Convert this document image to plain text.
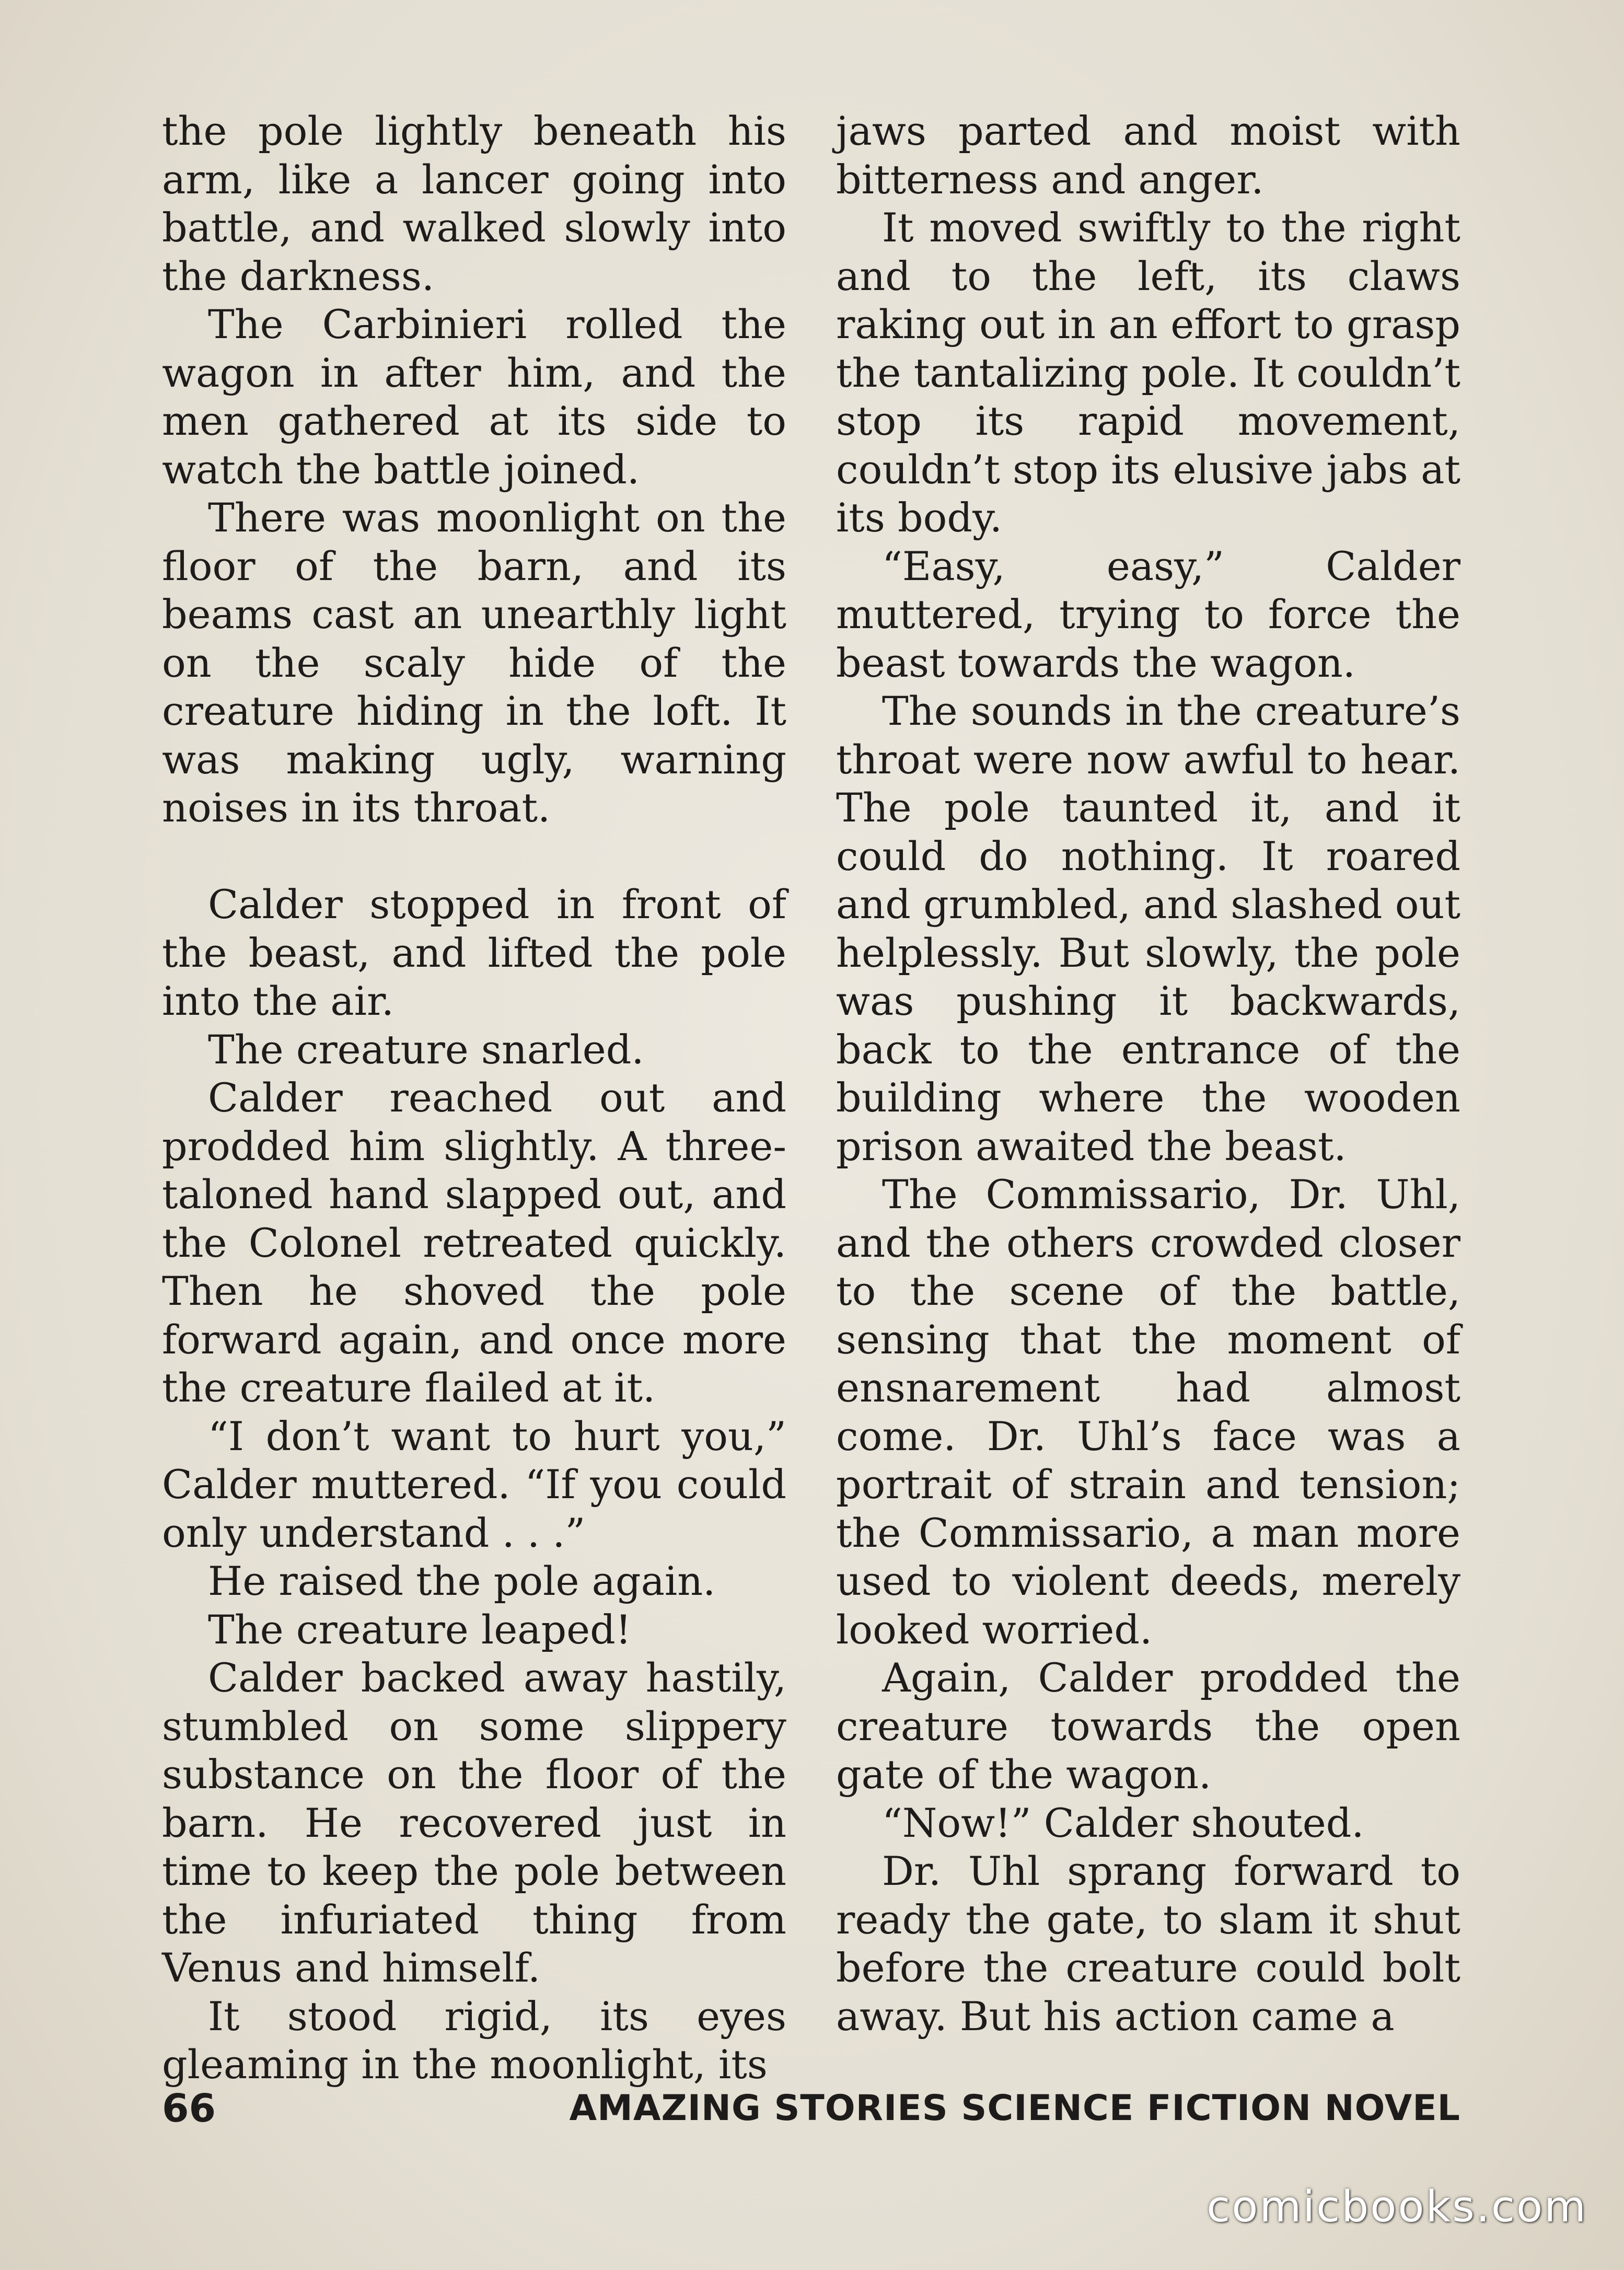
the pole lightly beneath his arm, like a lancer going into battle, and walked slowly into the darkness.

The Carbinieri rolled the wagon in after him, and the men gathered at its side to watch the battle joined.

There was moonlight on the floor of the barn, and its beams cast an unearthly light on the scaly hide of the creature hiding in the loft. It was making ugly, warning noises in its throat.

Calder stopped in front of the beast, and lifted the pole into the air.

The creature snarled.

Calder reached out and prodded him slightly. A three-taloned hand slapped out, and the Colonel retreated quickly. Then he shoved the pole forward again, and once more the creature flailed at it.

“I don’t want to hurt you,” Calder muttered. “If you could only understand . . .”

He raised the pole again.

The creature leaped!

Calder backed away hastily, stumbled on some slippery substance on the floor of the barn. He recovered just in time to keep the pole between the infuriated thing from Venus and himself.

It stood rigid, its eyes gleaming in the moonlight, its

jaws parted and moist with bitterness and anger.

It moved swiftly to the right and to the left, its claws raking out in an effort to grasp the tantalizing pole. It couldn’t stop its rapid movement, couldn’t stop its elusive jabs at its body.

“Easy, easy,” Calder muttered, trying to force the beast towards the wagon.

The sounds in the creature’s throat were now awful to hear. The pole taunted it, and it could do nothing. It roared and grumbled, and slashed out helplessly. But slowly, the pole was pushing it backwards, back to the entrance of the building where the wooden prison awaited the beast.

The Commissario, Dr. Uhl, and the others crowded closer to the scene of the battle, sensing that the moment of ensnarement had almost come. Dr. Uhl’s face was a portrait of strain and tension; the Commissario, a man more used to violent deeds, merely looked worried.

Again, Calder prodded the creature towards the open gate of the wagon.

“Now!” Calder shouted.

Dr. Uhl sprang forward to ready the gate, to slam it shut before the creature could bolt away. But his action came a

66	AMAZING STORIES SCIENCE FICTION NOVEL
comicbooks.com
